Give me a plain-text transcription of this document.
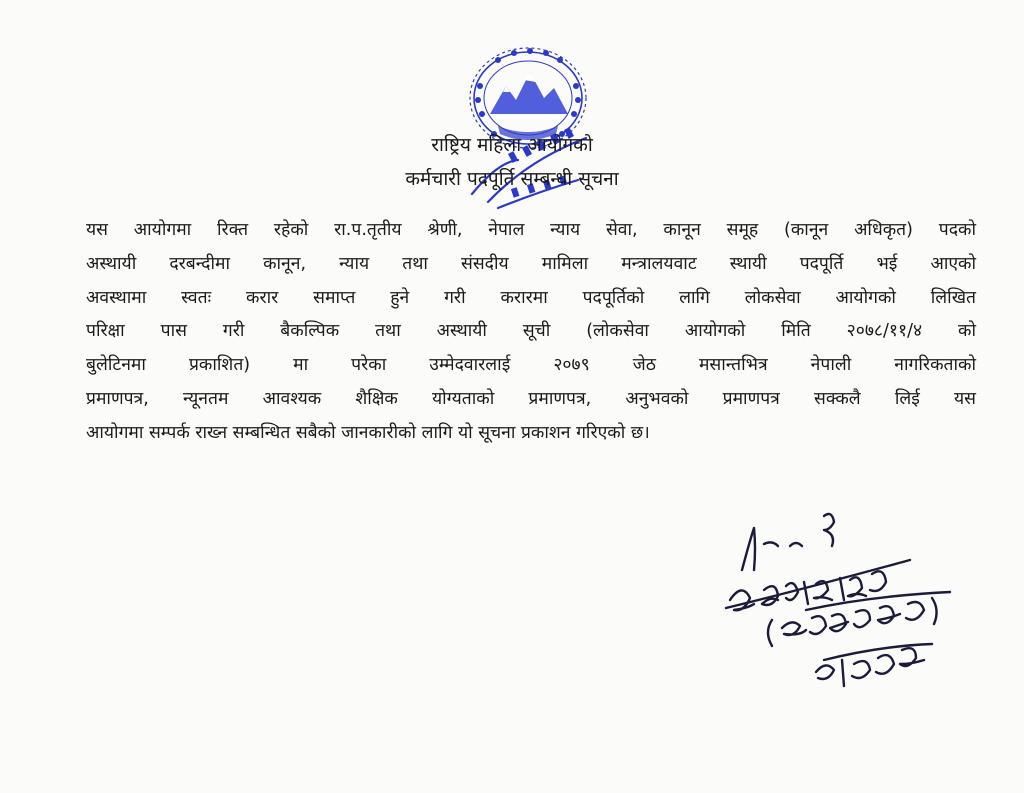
राष्ट्रिय महिला आयोगको
कर्मचारी पदपूर्ति सम्बन्धी सूचना
यस आयोगमा रिक्त रहेको रा.प.तृतीय श्रेणी, नेपाल न्याय सेवा, कानून समूह (कानून अधिकृत) पदको
अस्थायी दरबन्दीमा कानून, न्याय तथा संसदीय मामिला मन्त्रालयवाट स्थायी पदपूर्ति भई आएको
अवस्थामा स्वतः करार समाप्त हुने गरी करारमा पदपूर्तिको लागि लोकसेवा आयोगको लिखित
परिक्षा पास गरी बैकल्पिक तथा अस्थायी सूची (लोकसेवा आयोगको मिति २०७८/११/४ को
बुलेटिनमा प्रकाशित) मा परेका उम्मेदवारलाई २०७९ जेठ मसान्तभित्र नेपाली नागरिकताको
प्रमाणपत्र, न्यूनतम आवश्यक शैक्षिक योग्यताको प्रमाणपत्र, अनुभवको प्रमाणपत्र सक्कलै लिई यस
आयोगमा सम्पर्क राख्न सम्बन्धित सबैको जानकारीको लागि यो सूचना प्रकाशन गरिएको छ।
